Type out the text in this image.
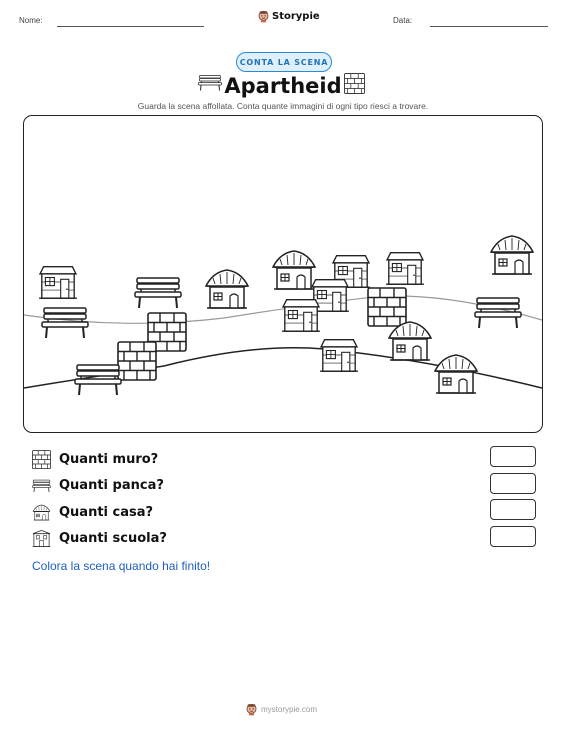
Nome:	Storypie	Data:
CONTA LA SCENA
Apartheid
Guarda la scena affollata. Conta quante immagini di ogni tipo riesci a trovare.
Quanti muro?
Quanti panca?
Quanti casa?
Quanti scuola?
Colora la scena quando hai finito!
mystorypie.com
